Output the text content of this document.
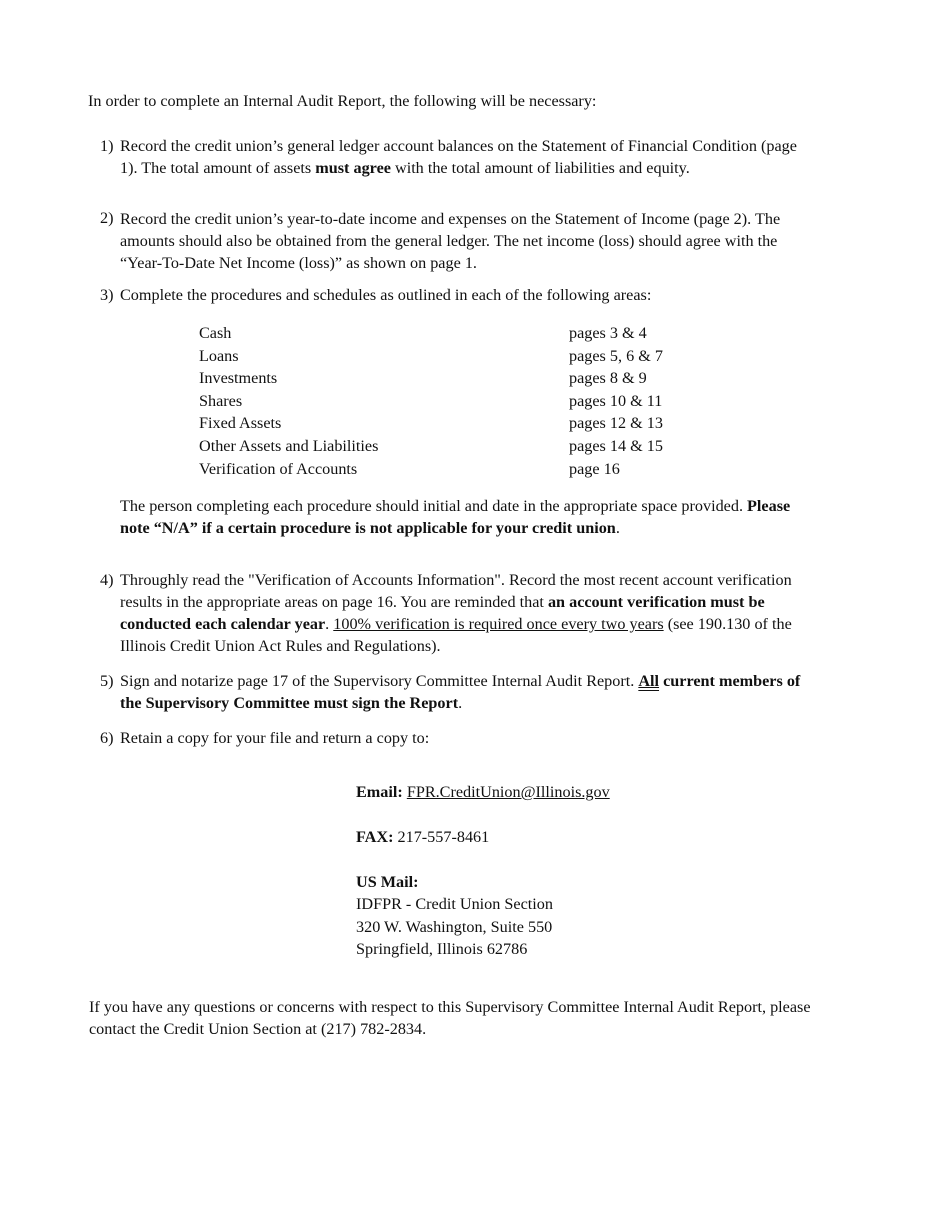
In order to complete an Internal Audit Report, the following will be necessary:
1) Record the credit union’s general ledger account balances on the Statement of Financial Condition (page
1). The total amount of assets must agree with the total amount of liabilities and equity.
2) Record the credit union’s year-to-date income and expenses on the Statement of Income (page 2). The
amounts should also be obtained from the general ledger. The net income (loss) should agree with the
“Year-To-Date Net Income (loss)” as shown on page 1.
3) Complete the procedures and schedules as outlined in each of the following areas:
Cash	pages 3 & 4
Loans	pages 5, 6 & 7
Investments	pages 8 & 9
Shares	pages 10 & 11
Fixed Assets	pages 12 & 13
Other Assets and Liabilities	pages 14 & 15
Verification of Accounts	page 16
The person completing each procedure should initial and date in the appropriate space provided. Please
note “N/A” if a certain procedure is not applicable for your credit union.
4) Throughly read the "Verification of Accounts Information". Record the most recent account verification
results in the appropriate areas on page 16. You are reminded that an account verification must be
conducted each calendar year. 100% verification is required once every two years (see 190.130 of the
Illinois Credit Union Act Rules and Regulations).
5) Sign and notarize page 17 of the Supervisory Committee Internal Audit Report. All current members of
the Supervisory Committee must sign the Report.
6) Retain a copy for your file and return a copy to:
Email: FPR.CreditUnion@Illinois.gov
FAX: 217-557-8461
US Mail:
IDFPR - Credit Union Section
320 W. Washington, Suite 550
Springfield, Illinois 62786
If you have any questions or concerns with respect to this Supervisory Committee Internal Audit Report, please
contact the Credit Union Section at (217) 782-2834.
